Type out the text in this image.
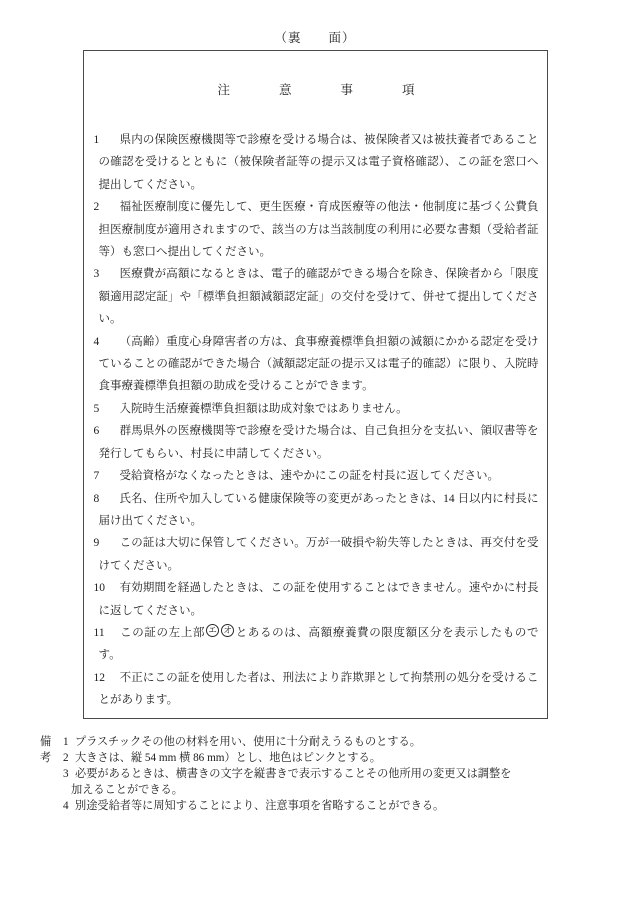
（裏　　面）
注意事項

1 県内の保険医療機関等で診療を受ける場合は、被保険者又は被扶養者であることの確認を受けるとともに（被保険者証等の提示又は電子資格確認）、この証を窓口へ提出してください。

2 福祉医療制度に優先して、更生医療・育成医療等の他法・他制度に基づく公費負担医療制度が適用されますので、該当の方は当該制度の利用に必要な書類（受給者証等）も窓口へ提出してください。

3 医療費が高額になるときは、電子的確認ができる場合を除き、保険者から「限度額適用認定証」や「標準負担額減額認定証」の交付を受けて、併せて提出してください。

4 （高齢）重度心身障害者の方は、食事療養標準負担額の減額にかかる認定を受けていることの確認ができた場合（減額認定証の提示又は電子的確認）に限り、入院時食事療養標準負担額の助成を受けることができます。

5 入院時生活療養標準負担額は助成対象ではありません。

6 群馬県外の医療機関等で診療を受けた場合は、自己負担分を支払い、領収書等を発行してもらい、村長に申請してください。

7 受給資格がなくなったときは、速やかにこの証を村長に返してください。

8 氏名、住所や加入している健康保険等の変更があったときは、14 日以内に村長に届け出てください。

9 この証は大切に保管してください。万が一破損や紛失等したときは、再交付を受けてください。

10 有効期間を経過したときは、この証を使用することはできません。速やかに村長に返してください。

11 この証の左上部 エ オ とあるのは、高額療養費の限度額区分を表示したものです。

12 不正にこの証を使用した者は、刑法により詐欺罪として拘禁刑の処分を受けることがあります。

備考

1 プラスチックその他の材料を用い、使用に十分耐えうるものとする。

2 大きさは、縦 54 mm 横 86 mm）とし、地色はピンクとする。

3 必要があるときは、横書きの文字を縦書きで表示することその他所用の変更又は調整を加えることができる。

4 別途受給者等に周知することにより、注意事項を省略することができる。
